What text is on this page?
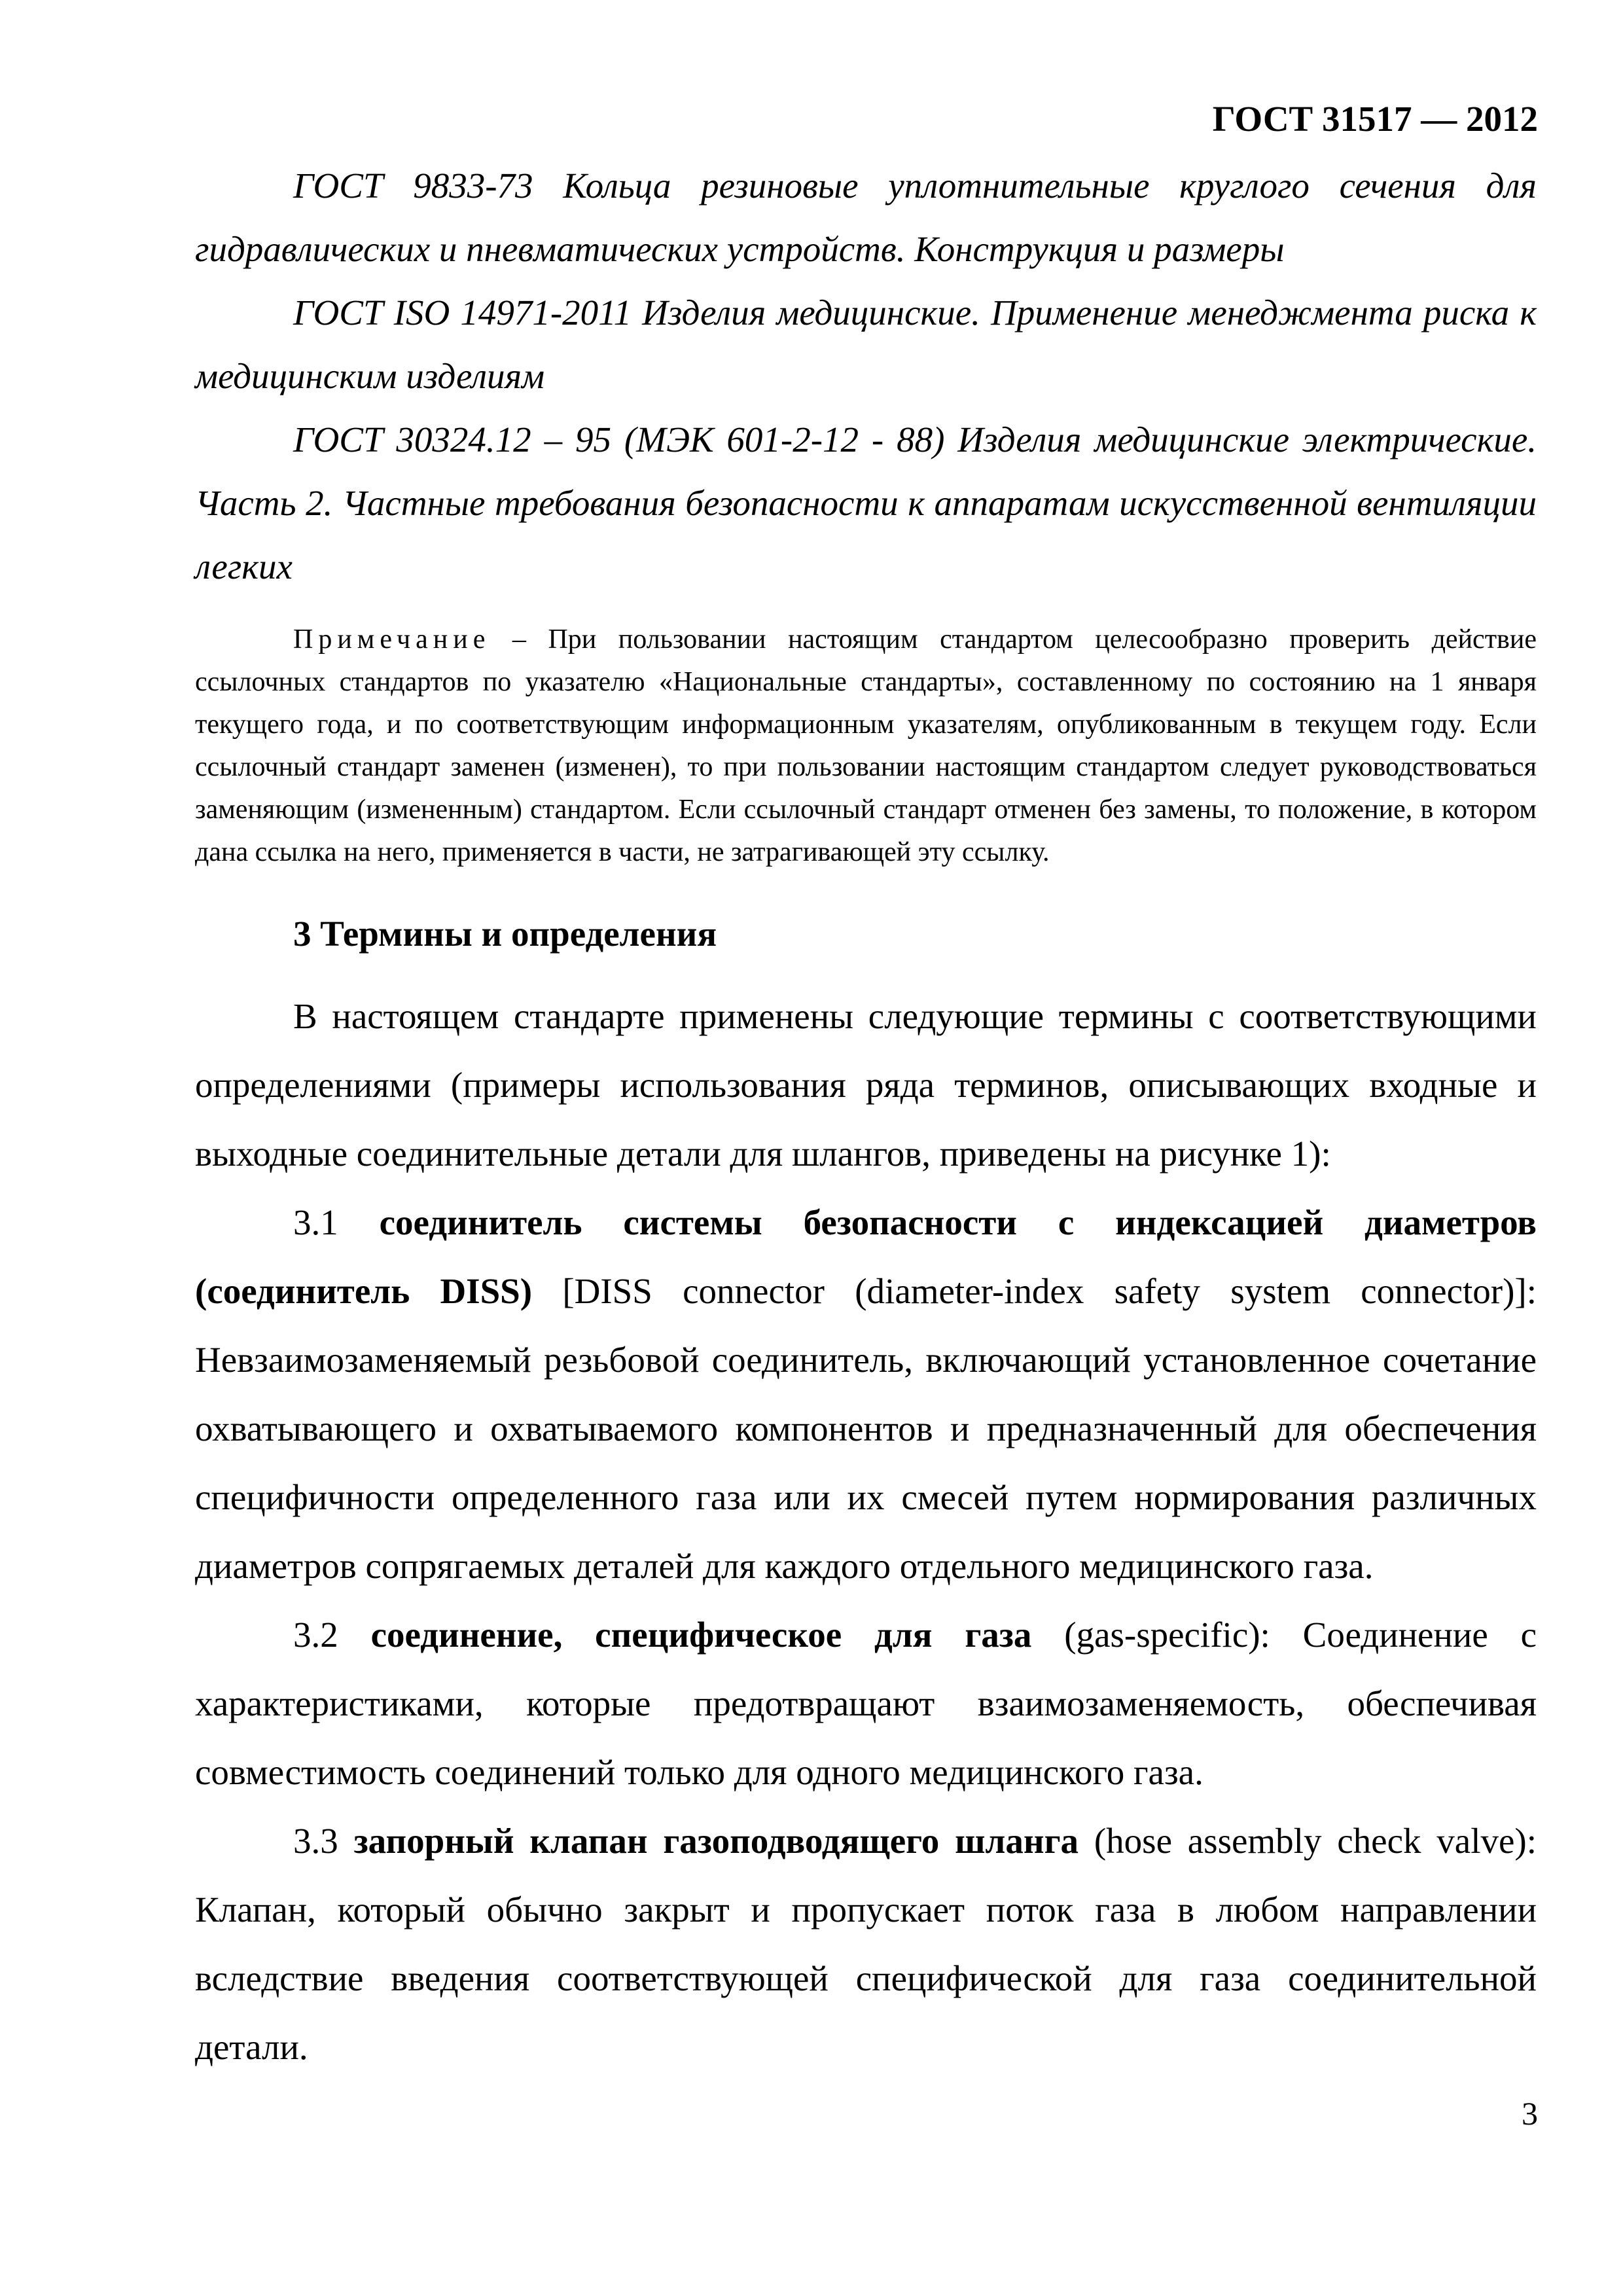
ГОСТ 31517 — 2012

ГОСТ 9833-73 Кольца резиновые уплотнительные круглого сечения для гидравлических и пневматических устройств. Конструкция и размеры

ГОСТ ISO 14971-2011 Изделия медицинские. Применение менеджмента риска к медицинским изделиям

ГОСТ 30324.12 – 95 (МЭК 601-2-12 - 88) Изделия медицинские электрические. Часть 2. Частные требования безопасности к аппаратам искусственной вентиляции легких

Примечание – При пользовании настоящим стандартом целесообразно проверить действие ссылочных стандартов по указателю «Национальные стандарты», составленному по состоянию на 1 января текущего года, и по соответствующим информационным указателям, опубликованным в текущем году. Если ссылочный стандарт заменен (изменен), то при пользовании настоящим стандартом следует руководствоваться заменяющим (измененным) стандартом. Если ссылочный стандарт отменен без замены, то положение, в котором дана ссылка на него, применяется в части, не затрагивающей эту ссылку.

3 Термины и определения

В настоящем стандарте применены следующие термины с соответствующими определениями (примеры использования ряда терминов, описывающих входные и выходные соединительные детали для шлангов, приведены на рисунке 1):

3.1 соединитель системы безопасности с индексацией диаметров (соединитель DISS) [DISS connector (diameter-index safety system connector)]: Невзаимозаменяемый резьбовой соединитель, включающий установленное сочетание охватывающего и охватываемого компонентов и предназначенный для обеспечения специфичности определенного газа или их смесей путем нормирования различных диаметров сопрягаемых деталей для каждого отдельного медицинского газа.

3.2 соединение, специфическое для газа (gas-specific): Соединение с характеристиками, которые предотвращают взаимозаменяемость, обеспечивая совместимость соединений только для одного медицинского газа.

3.3 запорный клапан газоподводящего шланга (hose assembly check valve): Клапан, который обычно закрыт и пропускает поток газа в любом направлении вследствие введения соответствующей специфической для газа соединительной детали.

3
